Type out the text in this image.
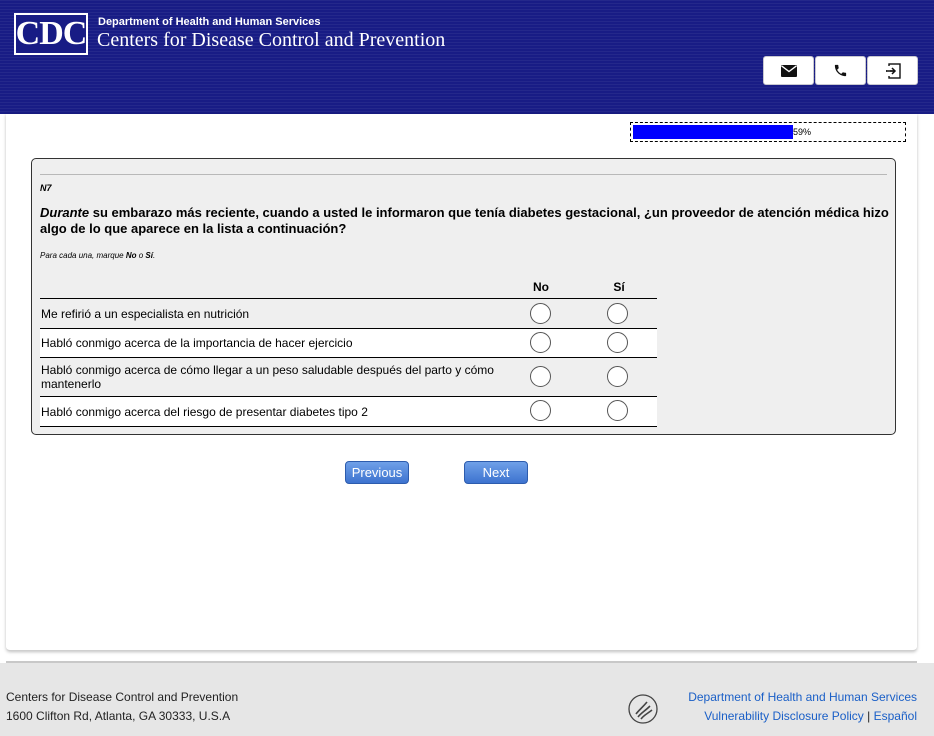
CDC Department of Health and Human Services
Centers for Disease Control and Prevention
59%
N7
Durante su embarazo más reciente, cuando a usted le informaron que tenía diabetes gestacional, ¿un proveedor de atención médica hizo algo de lo que aparece en la lista a continuación?
Para cada una, marque No o Sí.
No	Sí
Me refirió a un especialista en nutrición
Habló conmigo acerca de la importancia de hacer ejercicio
Habló conmigo acerca de cómo llegar a un peso saludable después del parto y cómo mantenerlo
Habló conmigo acerca del riesgo de presentar diabetes tipo 2
Previous	Next
Centers for Disease Control and Prevention
1600 Clifton Rd, Atlanta, GA 30333, U.S.A
Department of Health and Human Services
Vulnerability Disclosure Policy | Español
